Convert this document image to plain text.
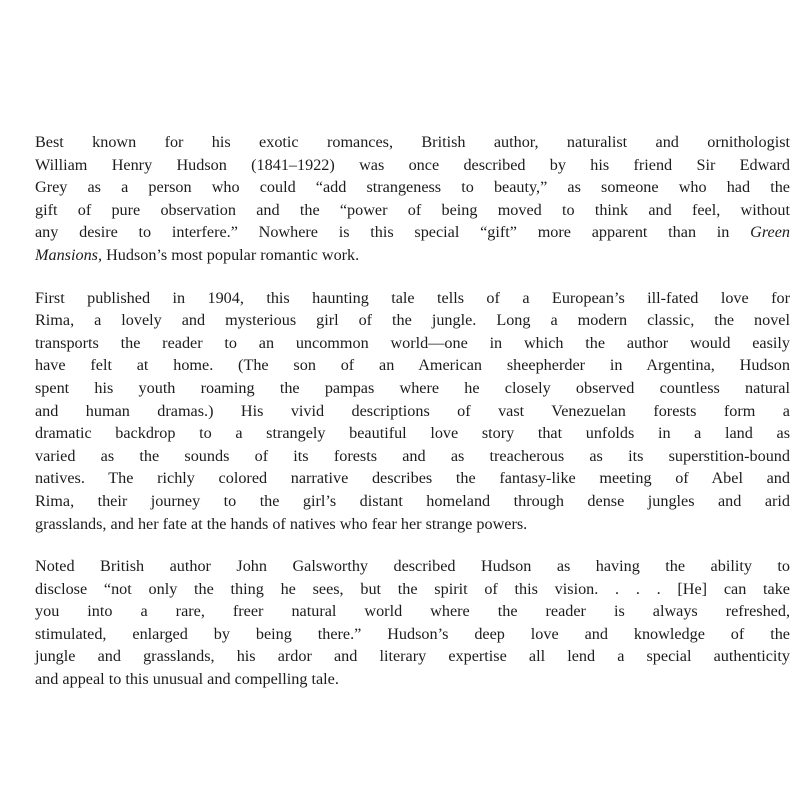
Best known for his exotic romances, British author, naturalist and ornithologist
William Henry Hudson (1841–1922) was once described by his friend Sir Edward
Grey as a person who could “add strangeness to beauty,” as someone who had the
gift of pure observation and the “power of being moved to think and feel, without
any desire to interfere.” Nowhere is this special “gift” more apparent than in Green
Mansions, Hudson’s most popular romantic work.

First published in 1904, this haunting tale tells of a European’s ill-fated love for
Rima, a lovely and mysterious girl of the jungle. Long a modern classic, the novel
transports the reader to an uncommon world—one in which the author would easily
have felt at home. (The son of an American sheepherder in Argentina, Hudson
spent his youth roaming the pampas where he closely observed countless natural
and human dramas.) His vivid descriptions of vast Venezuelan forests form a
dramatic backdrop to a strangely beautiful love story that unfolds in a land as
varied as the sounds of its forests and as treacherous as its superstition-bound
natives. The richly colored narrative describes the fantasy-like meeting of Abel and
Rima, their journey to the girl’s distant homeland through dense jungles and arid
grasslands, and her fate at the hands of natives who fear her strange powers.

Noted British author John Galsworthy described Hudson as having the ability to
disclose “not only the thing he sees, but the spirit of this vision. . . . [He] can take
you into a rare, freer natural world where the reader is always refreshed,
stimulated, enlarged by being there.” Hudson’s deep love and knowledge of the
jungle and grasslands, his ardor and literary expertise all lend a special authenticity
and appeal to this unusual and compelling tale.
